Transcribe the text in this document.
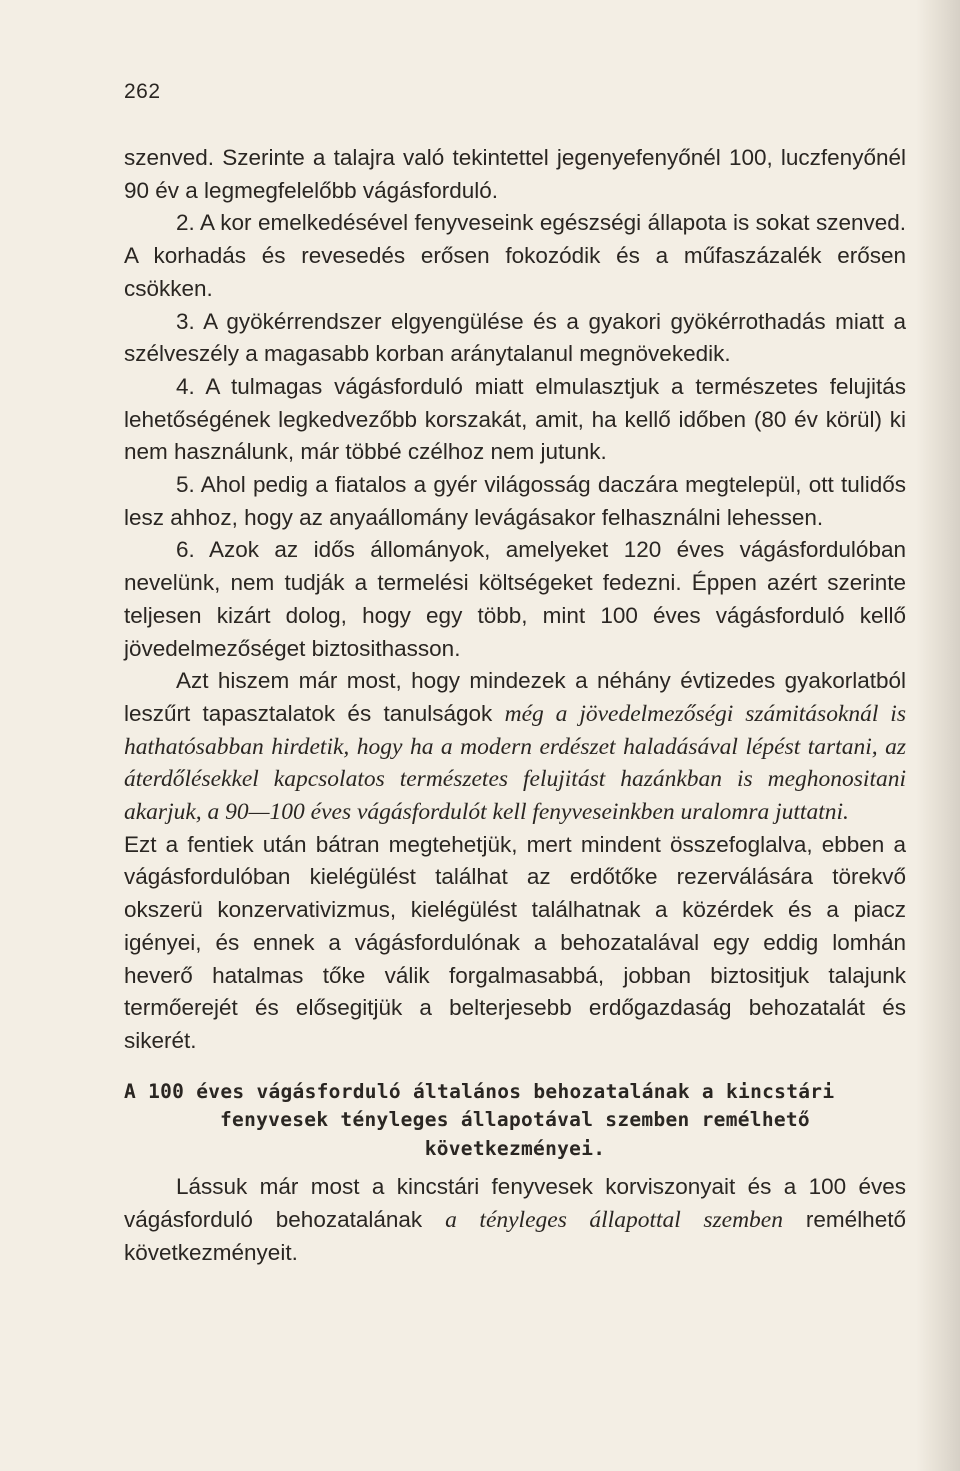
262

szenved. Szerinte a talajra való tekintettel jegenyefenyőnél 100, luczfenyőnél 90 év a legmegfelelőbb vágásforduló.

2. A kor emelkedésével fenyveseink egészségi állapota is sokat szenved. A korhadás és revesedés erősen fokozódik és a műfaszázalék erősen csökken.

3. A gyökérrendszer elgyengülése és a gyakori gyökérrothadás miatt a szélveszély a magasabb korban aránytalanul megnövekedik.

4. A tulmagas vágásforduló miatt elmulasztjuk a természetes felujitás lehetőségének legkedvezőbb korszakát, amit, ha kellő időben (80 év körül) ki nem használunk, már többé czélhoz nem jutunk.

5. Ahol pedig a fiatalos a gyér világosság daczára megtelepül, ott tulidős lesz ahhoz, hogy az anyaállomány levágásakor felhasználni lehessen.

6. Azok az idős állományok, amelyeket 120 éves vágásfordulóban nevelünk, nem tudják a termelési költségeket fedezni. Éppen azért szerinte teljesen kizárt dolog, hogy egy több, mint 100 éves vágásforduló kellő jövedelmezőséget biztosithasson.

Azt hiszem már most, hogy mindezek a néhány évtizedes gyakorlatból leszűrt tapasztalatok és tanulságok még a jövedelmezőségi számitásoknál is hathatósabban hirdetik, hogy ha a modern erdészet haladásával lépést tartani, az áterdőlésekkel kapcsolatos természetes felujitást hazánkban is meghonositani akarjuk, a 90—100 éves vágásfordulót kell fenyveseinkben uralomra juttatni.

Ezt a fentiek után bátran megtehetjük, mert mindent összefoglalva, ebben a vágásfordulóban kielégülést találhat az erdőtőke rezerválására törekvő okszerü konzervativizmus, kielégülést találhatnak a közérdek és a piacz igényei, és ennek a vágásfordulónak a behozatalával egy eddig lomhán heverő hatalmas tőke válik forgalmasabbá, jobban biztositjuk talajunk termőerejét és elősegitjük a belterjesebb erdőgazdaság behozatalát és sikerét.

A 100 éves vágásforduló általános behozatalának a kincstári
fenyvesek tényleges állapotával szemben remélhető
következményei.

Lássuk már most a kincstári fenyvesek korviszonyait és a 100 éves vágásforduló behozatalának a tényleges állapottal szemben remélhető következményeit.
